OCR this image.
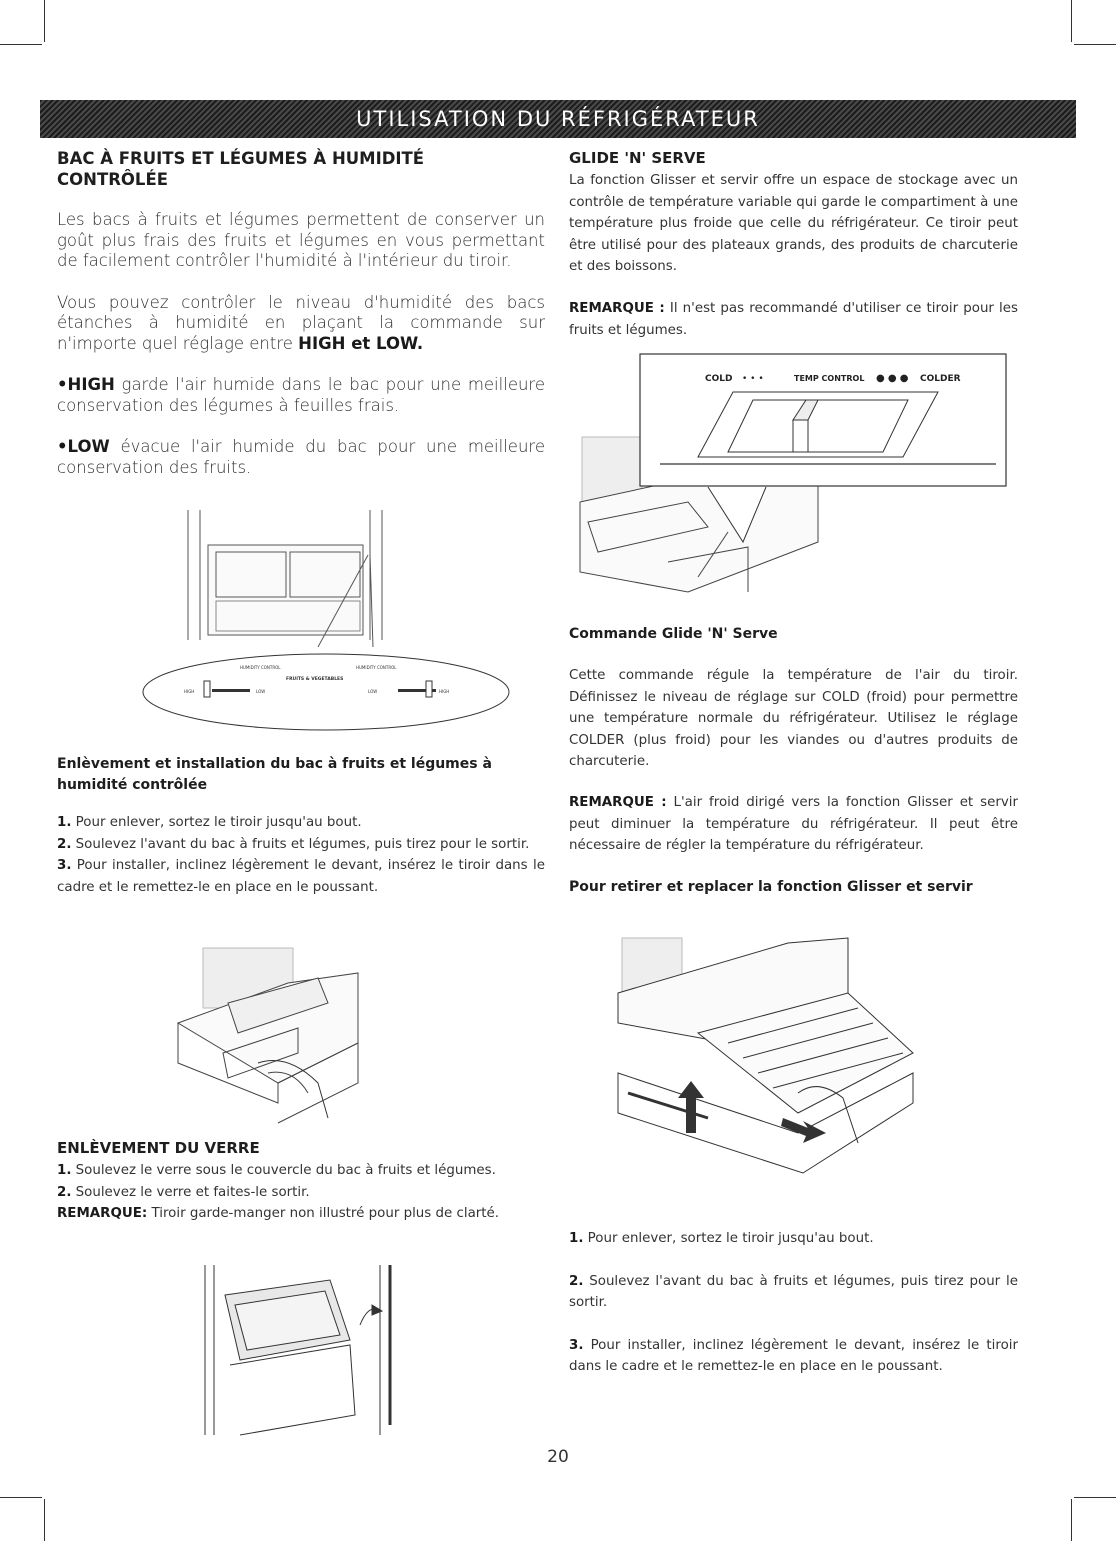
UTILISATION DU RÉFRIGÉRATEUR
BAC À FRUITS ET LÉGUMES À HUMIDITÉ CONTRÔLÉE

Les bacs à fruits et légumes permettent de conserver un goût plus frais des fruits et légumes en vous permettant de facilement contrôler l'humidité à l'intérieur du tiroir.

Vous pouvez contrôler le niveau d'humidité des bacs étanches à humidité en plaçant la commande sur n'importe quel réglage entre HIGH et LOW.

•HIGH garde l'air humide dans le bac pour une meilleure conservation des légumes à feuilles frais.

•LOW évacue l'air humide du bac pour une meilleure conservation des fruits.

HUMIDITY CONTROL	HUMIDITY CONTROL
FRUITS & VEGETABLES
HIGH	LOW	LOW	HIGH
Enlèvement et installation du bac à fruits et légumes à humidité contrôlée

1. Pour enlever, sortez le tiroir jusqu'au bout.

2. Soulevez l'avant du bac à fruits et légumes, puis tirez pour le sortir.

3. Pour installer, inclinez légèrement le devant, insérez le tiroir dans le cadre et le remettez-le en place en le poussant.

ENLÈVEMENT DU VERRE

1. Soulevez le verre sous le couvercle du bac à fruits et légumes.

2. Soulevez le verre et faites-le sortir.

REMARQUE: Tiroir garde-manger non illustré pour plus de clarté.

GLIDE 'N' SERVE

La fonction Glisser et servir offre un espace de stockage avec un contrôle de température variable qui garde le compartiment à une température plus froide que celle du réfrigérateur. Ce tiroir peut être utilisé pour des plateaux grands, des produits de charcuterie et des boissons.

REMARQUE : Il n'est pas recommandé d'utiliser ce tiroir pour les fruits et légumes.

COLD • • •	TEMP CONTROL ● ● ● COLDER

Commande Glide 'N' Serve

Cette commande régule la température de l'air du tiroir. Définissez le niveau de réglage sur COLD (froid) pour permettre une température normale du réfrigérateur. Utilisez le réglage COLDER (plus froid) pour les viandes ou d'autres produits de charcuterie.

REMARQUE : L'air froid dirigé vers la fonction Glisser et servir peut diminuer la température du réfrigérateur. Il peut être nécessaire de régler la température du réfrigérateur.

Pour retirer et replacer la fonction Glisser et servir

1. Pour enlever, sortez le tiroir jusqu'au bout.

2. Soulevez l'avant du bac à fruits et légumes, puis tirez pour le sortir.

3. Pour installer, inclinez légèrement le devant, insérez le tiroir dans le cadre et le remettez-le en place en le poussant.

20
